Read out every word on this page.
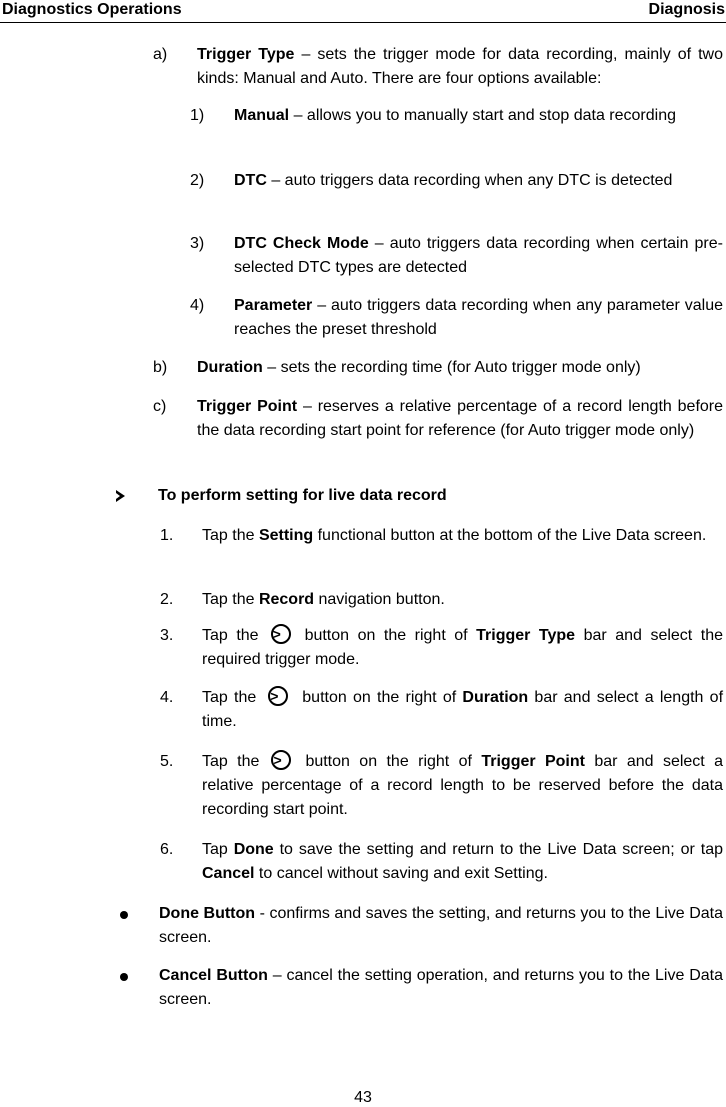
Diagnostics Operations	Diagnosis
a) Trigger Type – sets the trigger mode for data recording, mainly of two kinds: Manual and Auto. There are four options available:
1) Manual – allows you to manually start and stop data recording
2) DTC – auto triggers data recording when any DTC is detected
3) DTC Check Mode – auto triggers data recording when certain pre-selected DTC types are detected
4) Parameter – auto triggers data recording when any parameter value reaches the preset threshold
b) Duration – sets the recording time (for Auto trigger mode only)
c) Trigger Point – reserves a relative percentage of a record length before the data recording start point for reference (for Auto trigger mode only)
To perform setting for live data record
1. Tap the Setting functional button at the bottom of the Live Data screen.
2. Tap the Record navigation button.
3. Tap the >	button on the right of Trigger Type bar and select the required trigger mode.
4. Tap the >	button on the right of Duration bar and select a length of time.
5. Tap the >	button on the right of Trigger Point bar and select a relative percentage of a record length to be reserved before the data recording start point.
6. Tap Done to save the setting and return to the Live Data screen; or tap Cancel to cancel without saving and exit Setting.
Done Button - confirms and saves the setting, and returns you to the Live Data screen.
Cancel Button – cancel the setting operation, and returns you to the Live Data screen.
43
